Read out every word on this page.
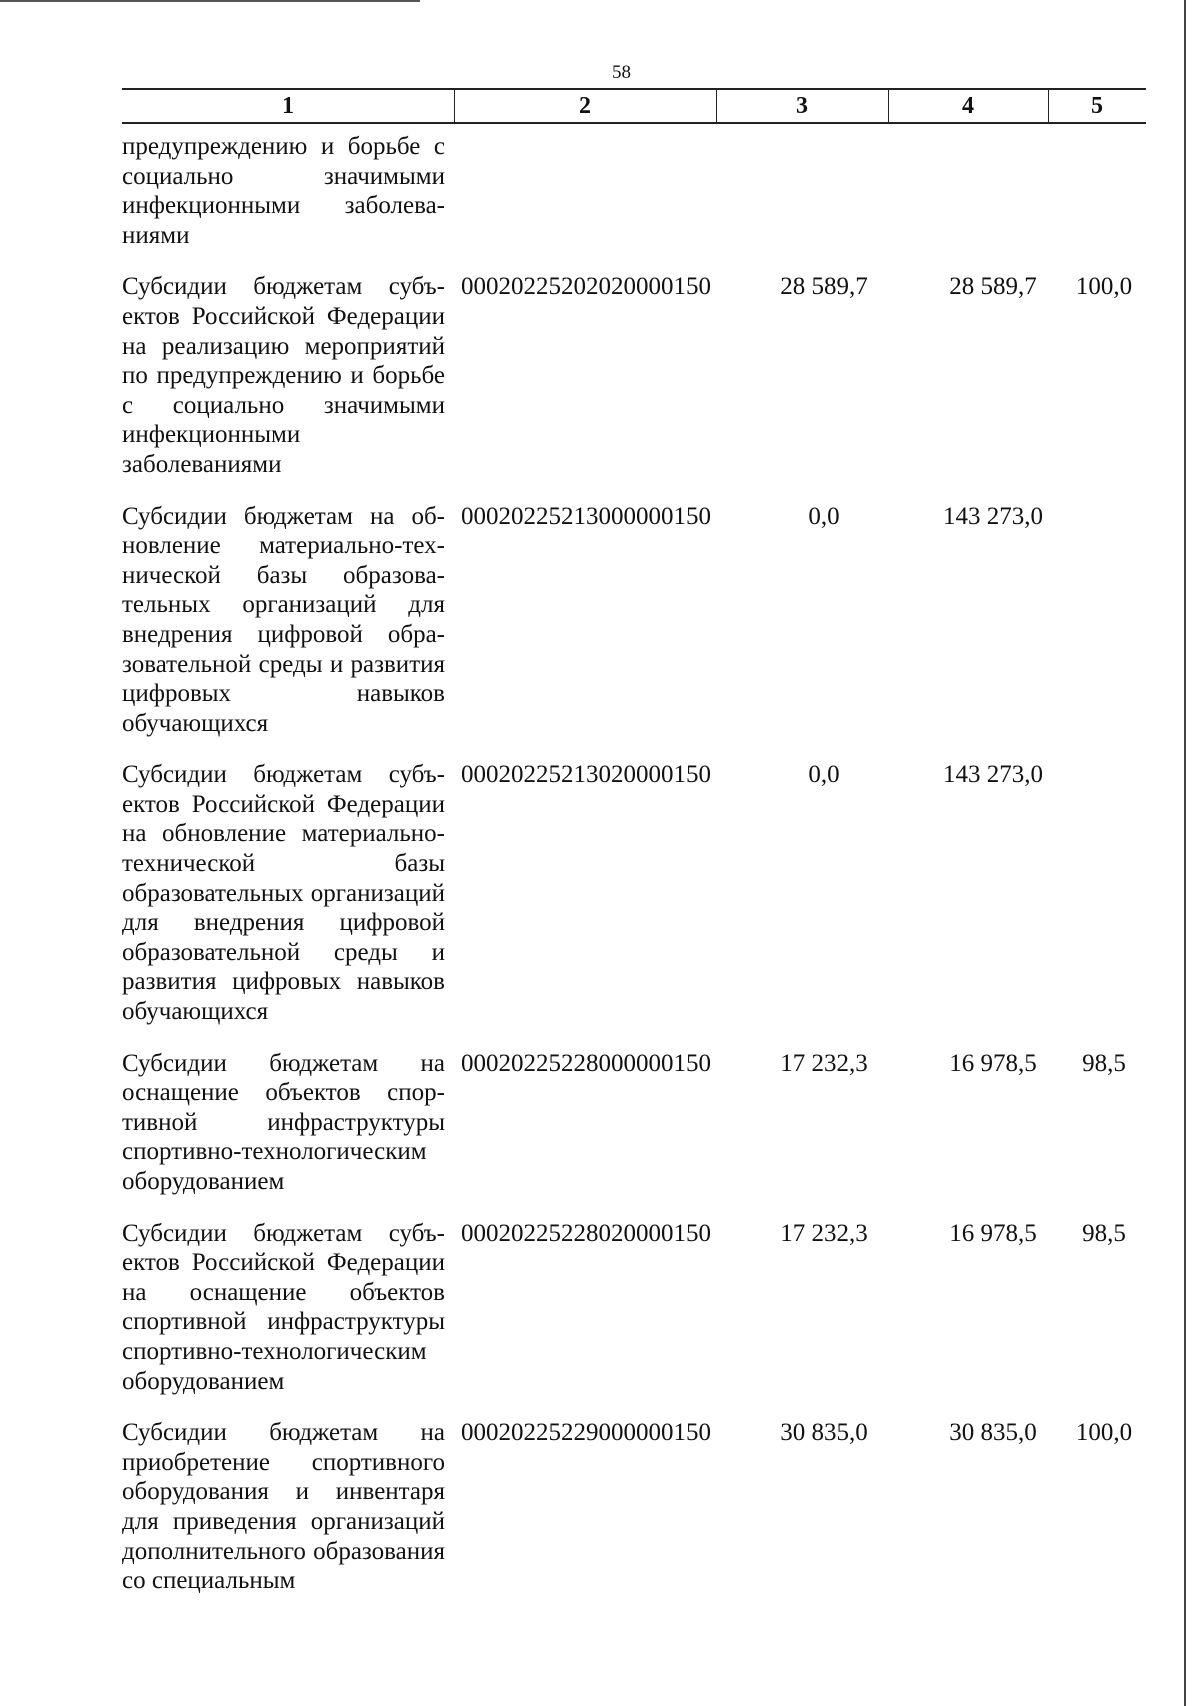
58
1	2	3	4	5
предупреждению и борьбе с социально значимыми инфекционными заболеваниями
Субсидии бюджетам субъектов Российской Федерации на реализацию мероприятий по предупреждению и борьбе с социально значимыми инфекционными заболеваниями
00020225202020000150	28 589,7	28 589,7	100,0
Субсидии бюджетам на обновление материально-технической базы образовательных организаций для внедрения цифровой образовательной среды и развития цифровых навыков обучающихся
00020225213000000150	0,0	143 273,0
Субсидии бюджетам субъектов Российской Федерации на обновление материально-технической базы образовательных организаций для внедрения цифровой образовательной среды и развития цифровых навыков обучающихся
00020225213020000150	0,0	143 273,0
Субсидии бюджетам на оснащение объектов спортивной инфраструктуры спортивно-технологическим оборудованием
00020225228000000150	17 232,3	16 978,5	98,5
Субсидии бюджетам субъектов Российской Федерации на оснащение объектов спортивной инфраструктуры спортивно-технологическим оборудованием
00020225228020000150	17 232,3	16 978,5	98,5
Субсидии бюджетам на приобретение спортивного оборудования и инвентаря для приведения организаций дополнительного образования со специальным
00020225229000000150	30 835,0	30 835,0	100,0
